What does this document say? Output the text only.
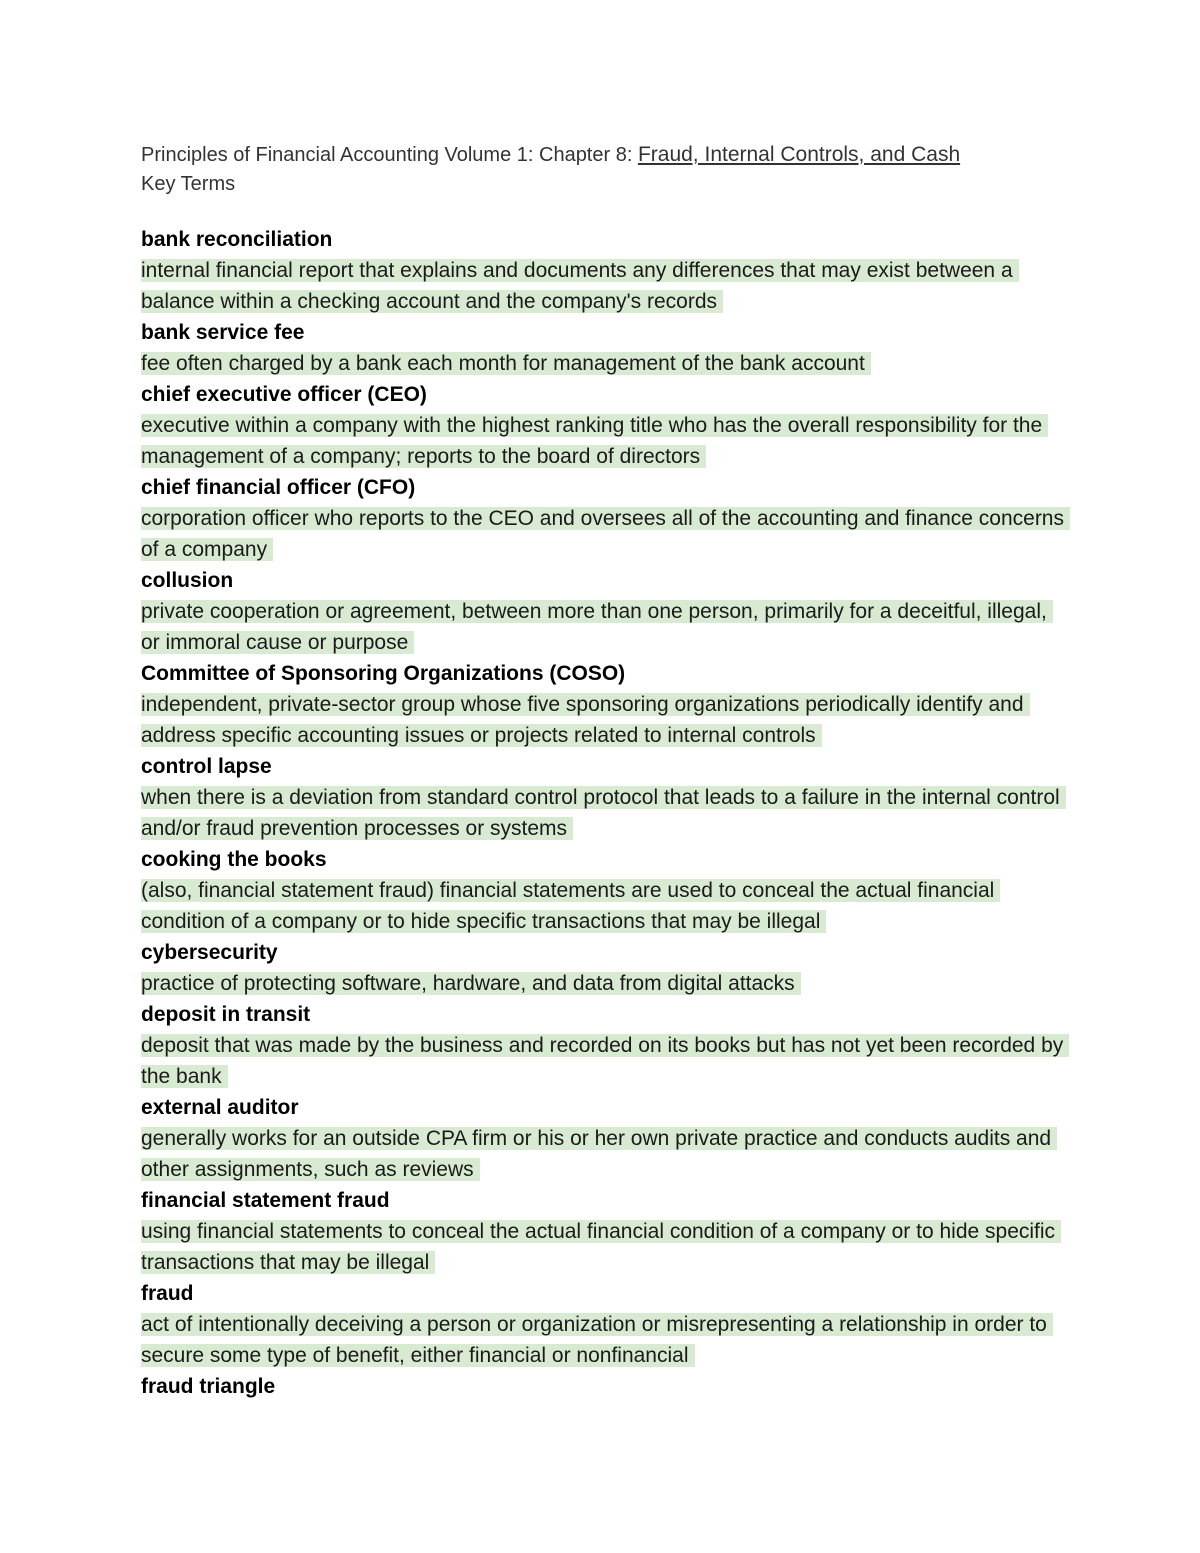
Principles of Financial Accounting Volume 1: Chapter 8: Fraud, Internal Controls, and Cash
Key Terms
bank reconciliation
internal financial report that explains and documents any differences that may exist between a balance within a checking account and the company's records
bank service fee
fee often charged by a bank each month for management of the bank account
chief executive officer (CEO)
executive within a company with the highest ranking title who has the overall responsibility for the management of a company; reports to the board of directors
chief financial officer (CFO)
corporation officer who reports to the CEO and oversees all of the accounting and finance concerns of a company
collusion
private cooperation or agreement, between more than one person, primarily for a deceitful, illegal, or immoral cause or purpose
Committee of Sponsoring Organizations (COSO)
independent, private-sector group whose five sponsoring organizations periodically identify and address specific accounting issues or projects related to internal controls
control lapse
when there is a deviation from standard control protocol that leads to a failure in the internal control and/or fraud prevention processes or systems
cooking the books
(also, financial statement fraud) financial statements are used to conceal the actual financial condition of a company or to hide specific transactions that may be illegal
cybersecurity
practice of protecting software, hardware, and data from digital attacks
deposit in transit
deposit that was made by the business and recorded on its books but has not yet been recorded by the bank
external auditor
generally works for an outside CPA firm or his or her own private practice and conducts audits and other assignments, such as reviews
financial statement fraud
using financial statements to conceal the actual financial condition of a company or to hide specific transactions that may be illegal
fraud
act of intentionally deceiving a person or organization or misrepresenting a relationship in order to secure some type of benefit, either financial or nonfinancial
fraud triangle
